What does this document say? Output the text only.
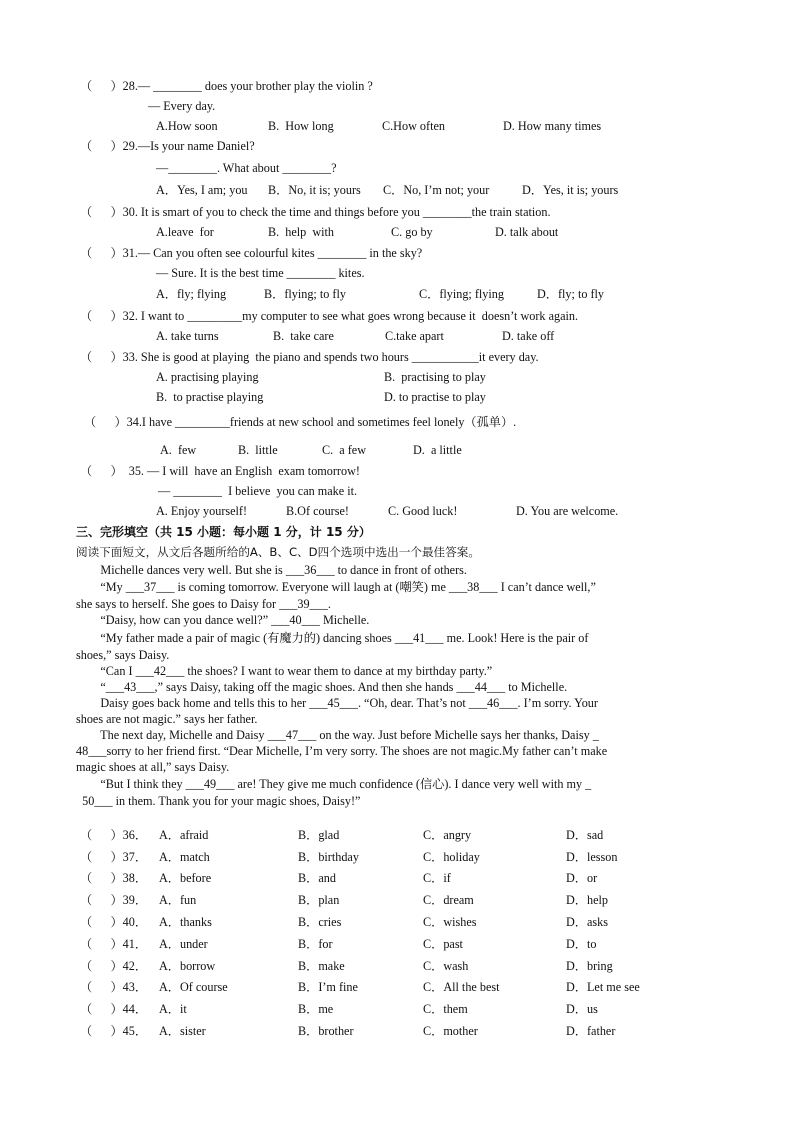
（      ）28.— ________ does your brother play the violin ?
— Every day.
A.How soon	B.  How long	C.How often	D. How many times
（      ）29.—Is your name Daniel?
—________. What about ________?
A．Yes, I am; you B．No, it is; yours C．No, I’m not; your	D．Yes, it is; yours
（      ）30. It is smart of you to check the time and things before you ________the train station.
A.leave  for	B.  help  with	C. go by	D. talk about
（      ）31.— Can you often see colourful kites ________ in the sky?
— Sure. It is the best time ________ kites.
A．fly; flying	B．flying; to fly	C．flying; flying	D．fly; to fly
（      ）32. I want to _________my computer to see what goes wrong because it  doesn’t work again.
A. take turns	B.  take care	C.take apart	D. take off
（      ）33. She is good at playing  the piano and spends two hours ___________it every day.
A. practising playing	B.  practising to play
B.  to practise playing	D. to practise to play
（      ）34.I have _________friends at new school and sometimes feel lonely（孤单）.
A.  few	B.  little	C.  a few	D.  a little
（      ）  35. — I will  have an English  exam tomorrow!
— ________  I believe  you can make it.
A. Enjoy yourself!	B.Of course!	C. Good luck!	D. You are welcome.
三、完形填空（共 15 小题：每小题 1 分，计 15 分）
阅读下面短文，从文后各题所给的A、B、C、D四个选项中选出一个最佳答案。
Michelle dances very well. But she is ___36___ to dance in front of others.
“My ___37___ is coming tomorrow. Everyone will laugh at (嘲笑) me ___38___ I can’t dance well,”
she says to herself. She goes to Daisy for ___39___.
“Daisy, how can you dance well?” ___40___ Michelle.
“My father made a pair of magic (有魔力的) dancing shoes ___41___ me. Look! Here is the pair of
shoes,” says Daisy.
“Can I ___42___ the shoes? I want to wear them to dance at my birthday party.”
“___43___,” says Daisy, taking off the magic shoes. And then she hands ___44___ to Michelle.
Daisy goes back home and tells this to her ___45___. “Oh, dear. That’s not ___46___. I’m sorry. Your
shoes are not magic.” says her father.
The next day, Michelle and Daisy ___47___ on the way. Just before Michelle says her thanks, Daisy _
48___sorry to her friend first. “Dear Michelle, I’m very sorry. The shoes are not magic.My father can’t make
magic shoes at all,” says Daisy.
“But I think they ___49___ are! They give me much confidence (信心). I dance very well with my _
50___ in them. Thank you for your magic shoes, Daisy!”
（      ）36． A．afraid	B．glad	C．angry	D．sad
（      ）37． A．match	B．birthday	C．holiday	D．lesson
（      ）38． A．before	B．and	C．if	D．or
（      ）39． A．fun	B．plan	C．dream	D．help
（      ）40． A．thanks	B．cries	C．wishes	D．asks
（      ）41． A．under	B．for	C．past	D．to
（      ）42． A．borrow	B．make	C．wash	D．bring
（      ）43． A．Of course	B．I’m fine	C．All the best	D．Let me see
（      ）44． A．it	B．me	C．them	D．us
（      ）45． A．sister	B．brother	C．mother	D．father
